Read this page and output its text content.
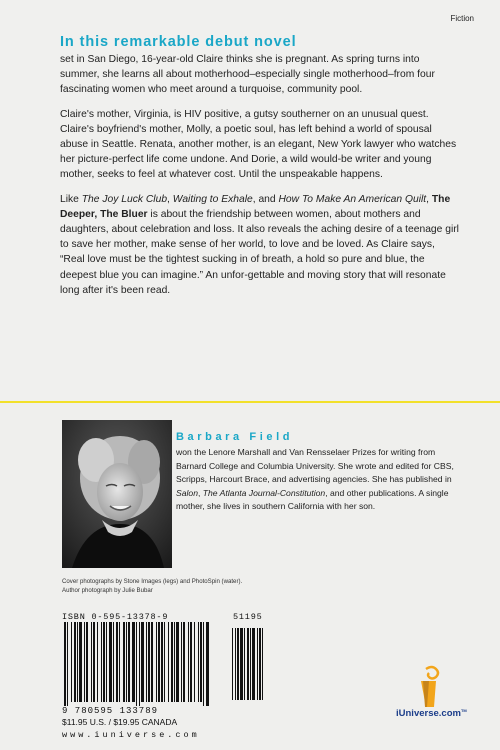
Fiction
In this remarkable debut novel

set in San Diego, 16-year-old Claire thinks she is pregnant. As spring turns into summer, she learns all about motherhood–especially single motherhood–from four fascinating women who meet around a turquoise, community pool.

Claire's mother, Virginia, is HIV positive, a gutsy southerner on an unusual quest. Claire's boyfriend's mother, Molly, a poetic soul, has left behind a world of spousal abuse in Seattle. Renata, another mother, is an elegant, New York lawyer who watches her picture-perfect life come undone. And Dorie, a wild would-be writer and young mother, seeks to feel at whatever cost. Until the unspeakable happens.

Like The Joy Luck Club, Waiting to Exhale, and How To Make An American Quilt, The Deeper, The Bluer is about the friendship between women, about mothers and daughters, about celebration and loss. It also reveals the aching desire of a teenage girl to save her mother, make sense of her world, to love and be loved. As Claire says, “Real love must be the tightest sucking in of breath, a hold so pure and blue, the deepest blue you can imagine.” An unfor-gettable and moving story that will resonate long after it's been read.

Barbara Field
won the Lenore Marshall and Van Rensselaer Prizes for writing from Barnard College and Columbia University. She wrote and edited for CBS, Scripps, Harcourt Brace, and advertising agencies. She has published in Salon, The Atlanta Journal-Constitution, and other publications. A single mother, she lives in southern California with her son.
Cover photographs by Stone Images (legs) and PhotoSpin (water).
Author photograph by Julie Bubar
ISBN 0-595-13378-9	51195
9 780595 133789
$11.95 U.S. / $19.95 CANADA
www.iuniverse.com
iUniverse.com™
